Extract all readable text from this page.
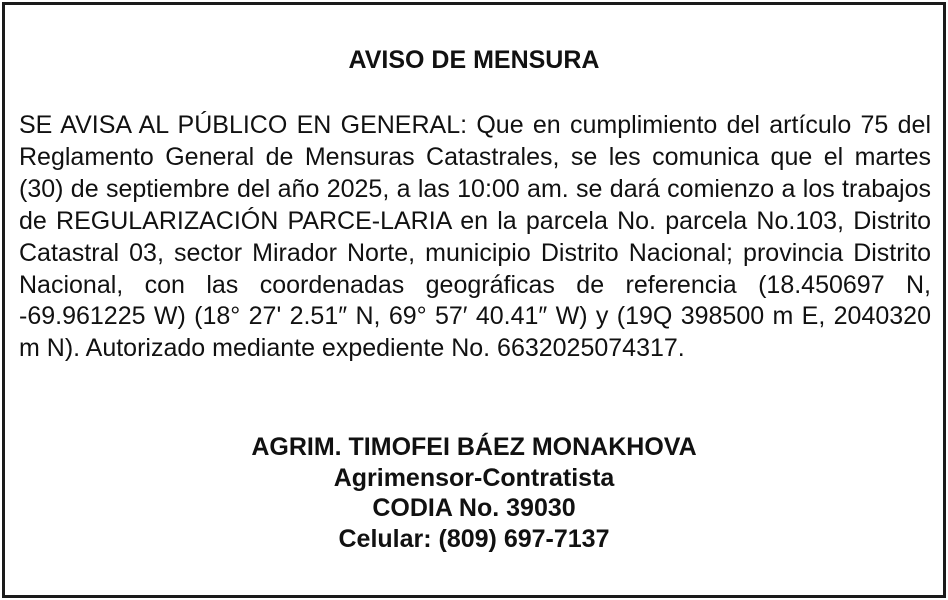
AVISO DE MENSURA

SE AVISA AL PÚBLICO EN GENERAL: Que en cumplimiento del artículo 75 del Reglamento General de Mensuras Catastrales, se les comunica que el martes (30) de septiembre del año 2025, a las 10:00 am. se dará comienzo a los trabajos de REGULARIZACIÓN PARCE-LARIA en la parcela No. parcela No.103, Distrito Catastral 03, sector Mirador Norte, municipio Distrito Nacional; provincia Distrito Nacional, con las coordenadas geográficas de referencia (18.450697 N, -69.961225 W) (18° 27' 2.51″ N, 69° 57′ 40.41″ W) y (19Q 398500 m E, 2040320 m N). Autorizado mediante expediente No. 6632025074317.

AGRIM. TIMOFEI BÁEZ MONAKHOVA
Agrimensor-Contratista
CODIA No. 39030
Celular: (809) 697-7137
